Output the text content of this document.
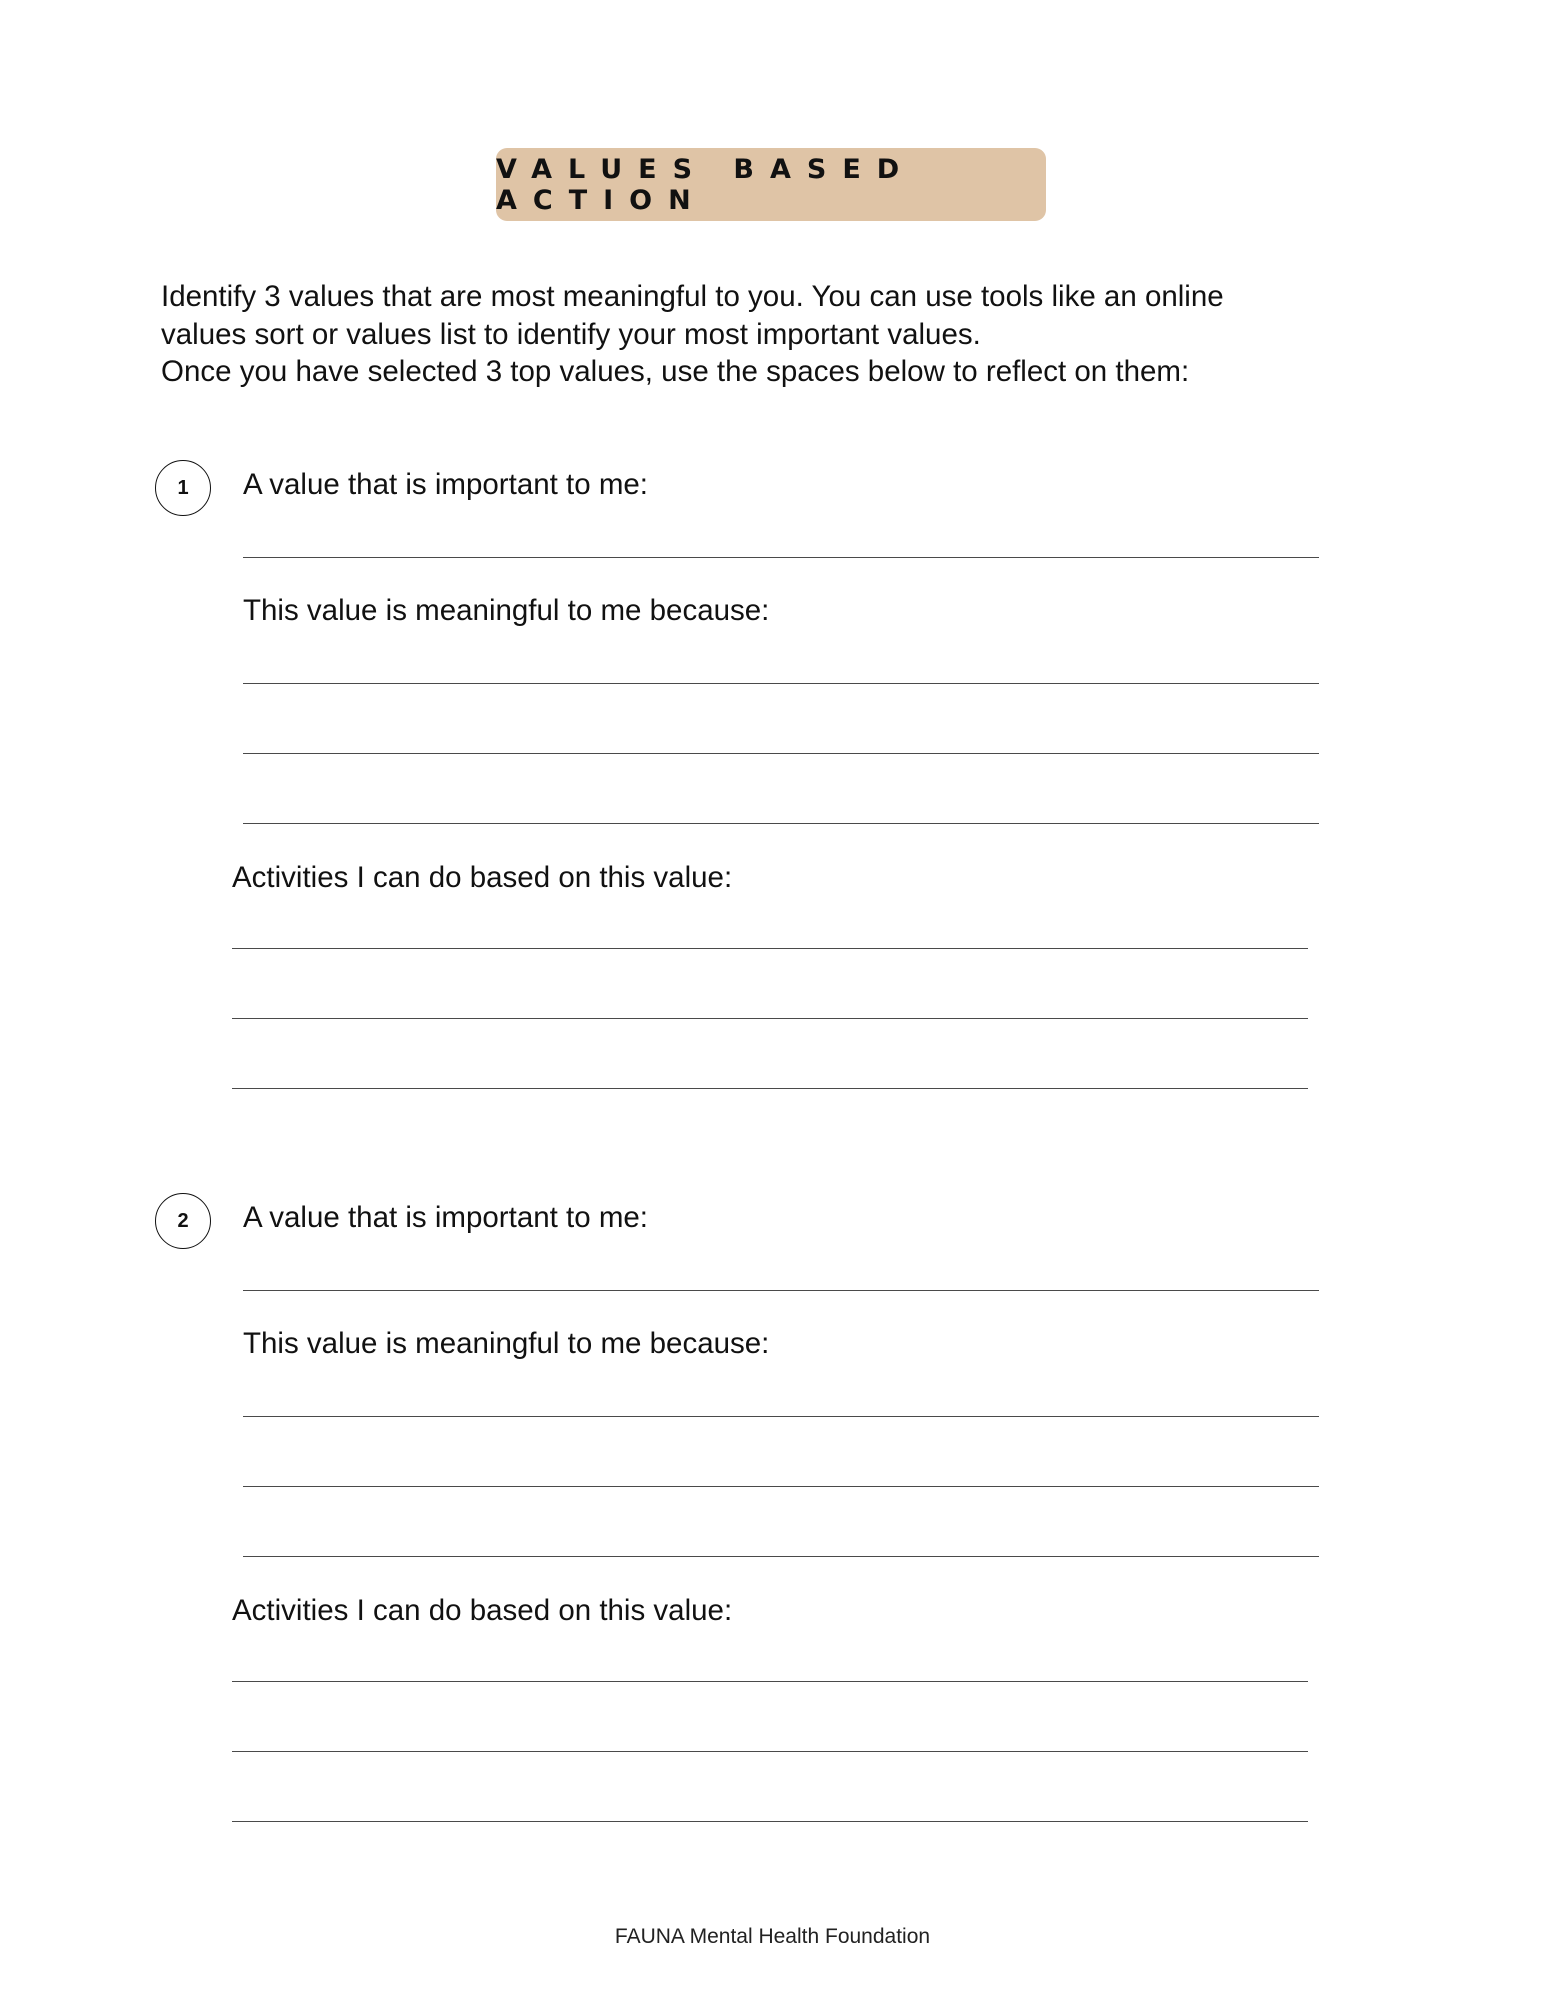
VALUES BASED ACTION
Identify 3 values that are most meaningful to you. You can use tools like an online
values sort or values list to identify your most important values.
Once you have selected 3 top values, use the spaces below to reflect on them:
1	A value that is important to me:
This value is meaningful to me because:
Activities I can do based on this value:
2	A value that is important to me:
This value is meaningful to me because:
Activities I can do based on this value:
FAUNA Mental Health Foundation
